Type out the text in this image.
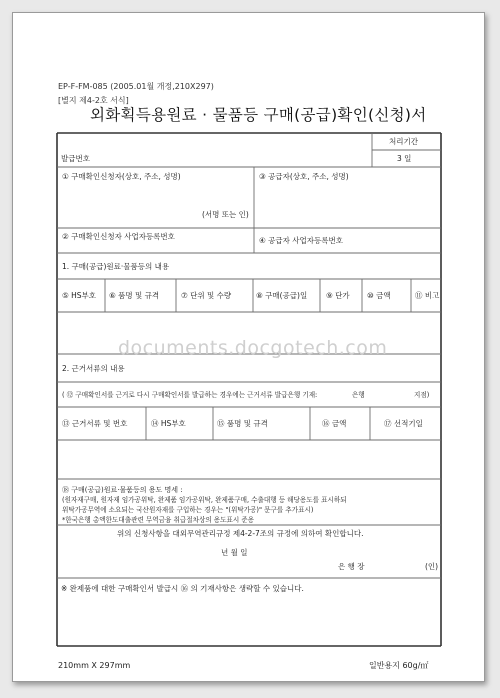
EP-F-FM-085 (2005.01월 개정,210X297)
[별지 제4-2호 서식]
외화획득용원료 · 물품등 구매(공급)확인(신청)서
처리기간
3 일
발급번호
① 구매확인신청자(상호, 주소, 성명)	③ 공급자(상호, 주소, 성명)
(서명 또는 인)
② 구매확인신청자 사업자등록번호	④ 공급자 사업자등록번호
1. 구매(공급)원료·물품등의 내용
⑤ HS부호 ⑥ 품명 및 규격	⑦ 단위 및 수량	⑧ 구매(공급)일	⑨ 단가 ⑩ 금액	⑪ 비고
documents.docgotech.com
2. 근거서류의 내용
( ⑫ 구매확인서를 근거로 다시 구매확인서를 발급하는 경우에는 근거서류 발급은행 기재:	은행	지점)
⑬ 근거서류 및 번호	⑭ HS부호	⑮ 품명 및 규격	⑯ 금액	⑰ 선적기일
⑱ 구매(공급)원료·물품등의 용도 명세 :
(원자재구매, 원자재 임가공위탁, 완제품 임가공위탁, 완제품구매, 수출대행 등 해당용도를 표시하되
위탁가공무역에 소요되는 국산원자재를 구입하는 경우는 "(위탁가공)" 문구를 추가표시)
*한국은행 총액한도대출관련 무역금융 취급절차상의 용도표시 준용
위의 신청사항을 대외무역관리규정 제4-2-7조의 규정에 의하여 확인합니다.
년 월 일
은 행 장	(인)
※ 완제품에 대한 구매확인서 발급시 ⑯ 의 기재사항은 생략할 수 있습니다.
210mm X 297mm	일반용지 60g/㎡
